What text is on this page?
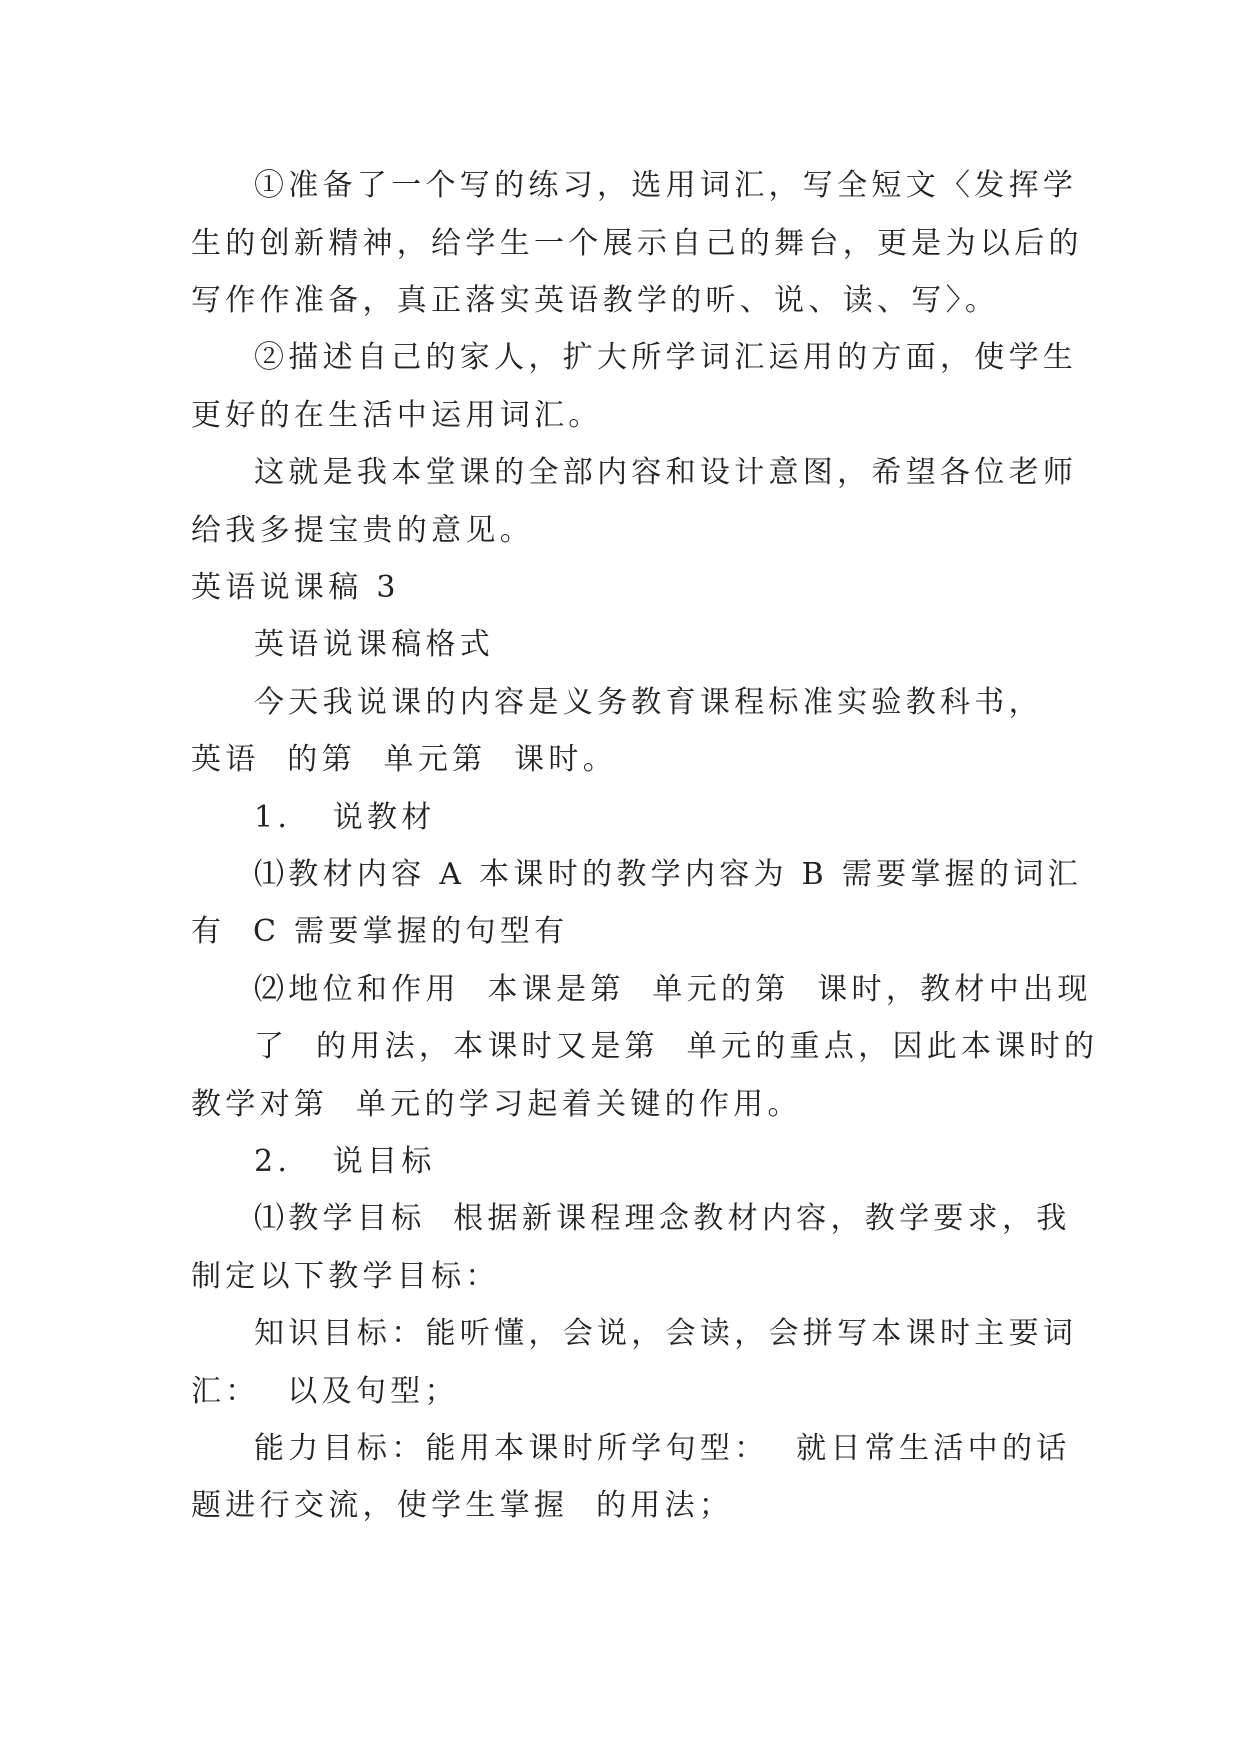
①准备了一个写的练习，选用词汇，写全短文〈发挥学
生的创新精神，给学生一个展示自己的舞台，更是为以后的
写作作准备，真正落实英语教学的听、说、读、写〉。
②描述自己的家人，扩大所学词汇运用的方面，使学生
更好的在生活中运用词汇。
这就是我本堂课的全部内容和设计意图，希望各位老师
给我多提宝贵的意见。
英语说课稿 3
英语说课稿格式
今天我说课的内容是义务教育课程标准实验教科书，
英语  的第  单元第  课时。
1.   说教材
⑴教材内容 A 本课时的教学内容为 B 需要掌握的词汇
有  C 需要掌握的句型有
⑵地位和作用  本课是第  单元的第  课时，教材中出现
了  的用法，本课时又是第  单元的重点，因此本课时的
教学对第  单元的学习起着关键的作用。
2.   说目标
⑴教学目标  根据新课程理念教材内容，教学要求，我
制定以下教学目标：
知识目标：能听懂，会说，会读，会拼写本课时主要词
汇：  以及句型；
能力目标：能用本课时所学句型：  就日常生活中的话
题进行交流，使学生掌握  的用法；
